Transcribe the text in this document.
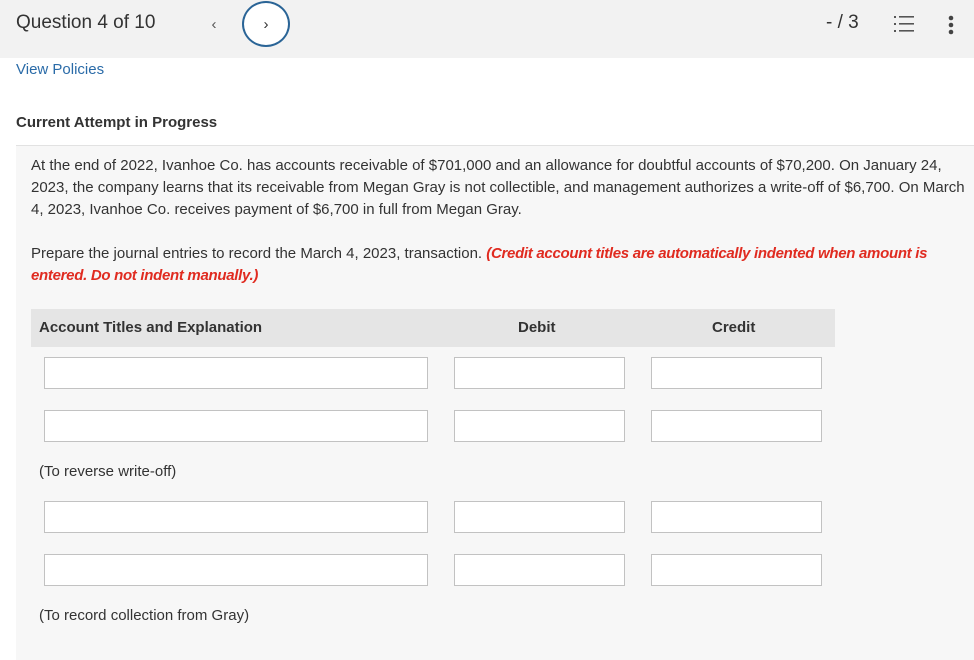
Question 4 of 10	‹	›	- / 3
View Policies
Current Attempt in Progress

At the end of 2022, Ivanhoe Co. has accounts receivable of $701,000 and an allowance for doubtful accounts of $70,200. On January 24, 2023, the company learns that its receivable from Megan Gray is not collectible, and management authorizes a write-off of $6,700. On March 4, 2023, Ivanhoe Co. receives payment of $6,700 in full from Megan Gray.

Prepare the journal entries to record the March 4, 2023, transaction. (Credit account titles are automatically indented when amount is entered. Do not indent manually.)

Account Titles and Explanation	Debit	Credit
(To reverse write-off)
(To record collection from Gray)
